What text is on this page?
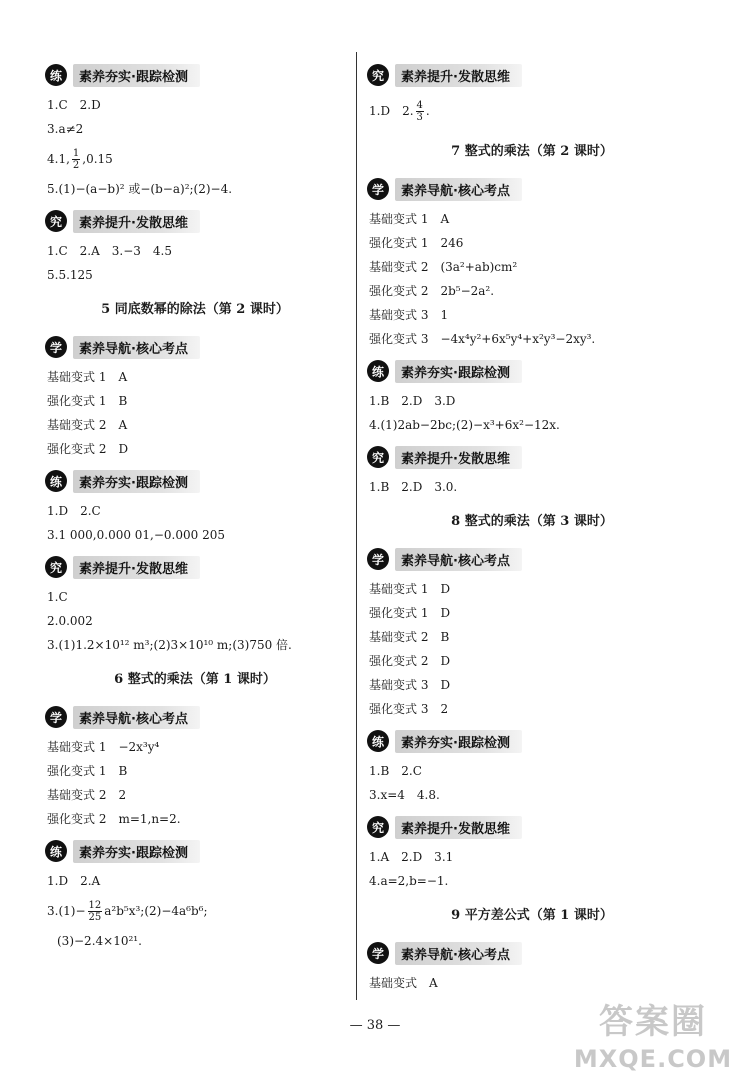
练	素养夯实·跟踪检测
1.C　2.D
3.a≠2
4.1, $\frac{1}{2} ,0.15$
5.(1)−(a−b)² 或−(b−a)²;(2)−4.
究	素养提升·发散思维
1.C　2.A　3.−3　4.5
5.5.125
5 同底数幂的除法（第 2 课时）
学	素养导航·核心考点
基础变式 1　A
强化变式 1　B
基础变式 2　A
强化变式 2　D
练	素养夯实·跟踪检测
1.D　2.C
3.1 000,0.000 01,−0.000 205
究	素养提升·发散思维
1.C
2.0.002
3.(1)1.2×10¹² m³;(2)3×10¹⁰ m;(3)750 倍.
6 整式的乘法（第 1 课时）
学	素养导航·核心考点
基础变式 1　−2x³y⁴
强化变式 1　B
基础变式 2　2
强化变式 2　m=1,n=2.
练	素养夯实·跟踪检测
1.D　2.A
$3.(1)- \frac{12}{25}$ a²b⁵x³;(2)−4a⁶b⁶;
(3)−2.4×10²¹.
究	素养提升·发散思维
1.D　2. $\frac{4}{3}$ .
7 整式的乘法（第 2 课时）
学	素养导航·核心考点
基础变式 1　A
强化变式 1　246
基础变式 2　(3a²+ab)cm²
强化变式 2　2b⁵−2a².
基础变式 3　1
强化变式 3　−4x⁴y²+6x⁵y⁴+x²y³−2xy³.
练	素养夯实·跟踪检测
1.B　2.D　3.D
4.(1)2ab−2bc;(2)−x³+6x²−12x.
究	素养提升·发散思维
1.B　2.D　3.0.
8 整式的乘法（第 3 课时）
学	素养导航·核心考点
基础变式 1　D
强化变式 1　D
基础变式 2　B
强化变式 2　D
基础变式 3　D
强化变式 3　2
练	素养夯实·跟踪检测
1.B　2.C
3.x=4　4.8.
究	素养提升·发散思维
1.A　2.D　3.1
4.a=2,b=−1.
9 平方差公式（第 1 课时）
学	素养导航·核心考点
基础变式　A
— 38 —	答案圈
MXQE.COM
